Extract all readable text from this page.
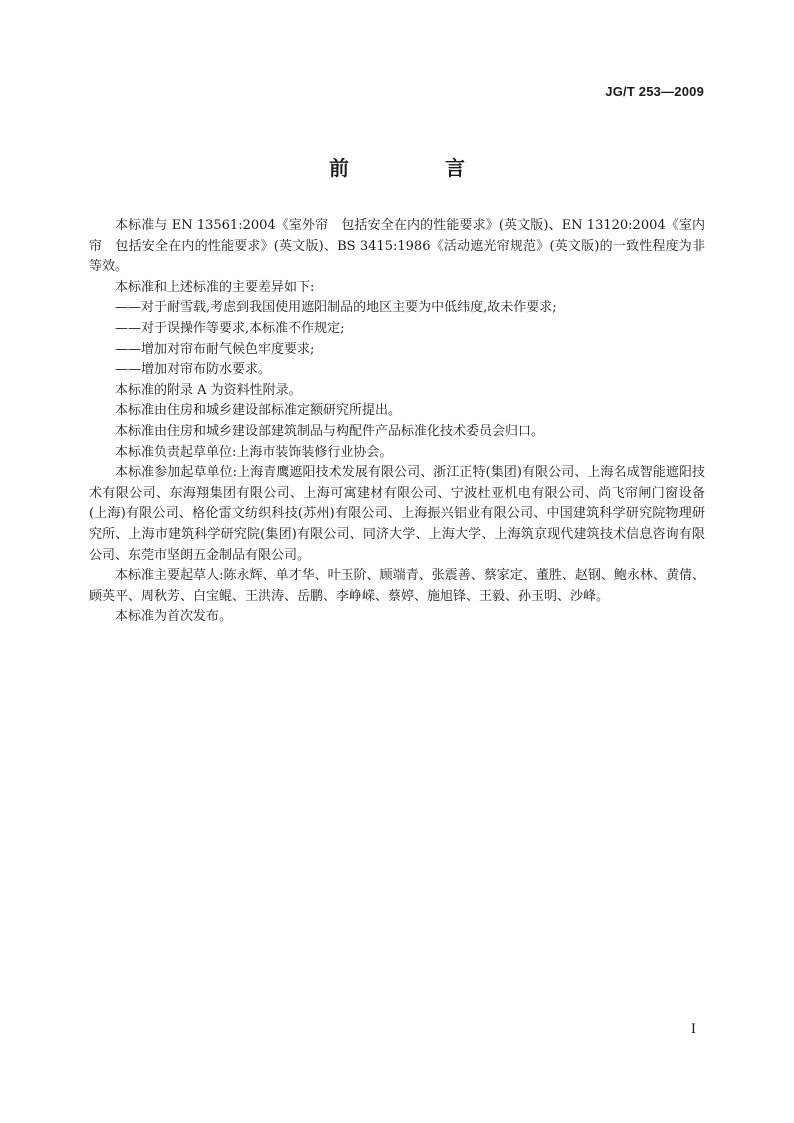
JG/T 253—2009
前　言

本标准与 EN 13561:2004《室外帘　包括安全在内的性能要求》(英文版)、EN 13120:2004《室内帘　包括安全在内的性能要求》(英文版)、BS 3415:1986《活动遮光帘规范》(英文版)的一致性程度为非等效。

本标准和上述标准的主要差异如下:

——对于耐雪载,考虑到我国使用遮阳制品的地区主要为中低纬度,故未作要求;

——对于误操作等要求,本标准不作规定;

——增加对帘布耐气候色牢度要求;

——增加对帘布防水要求。

本标准的附录 A 为资料性附录。

本标准由住房和城乡建设部标准定额研究所提出。

本标准由住房和城乡建设部建筑制品与构配件产品标准化技术委员会归口。

本标准负责起草单位:上海市装饰装修行业协会。

本标准参加起草单位:上海青鹰遮阳技术发展有限公司、浙江正特(集团)有限公司、上海名成智能遮阳技术有限公司、东海翔集团有限公司、上海可寓建材有限公司、宁波杜亚机电有限公司、尚飞帘闸门窗设备(上海)有限公司、格伦雷文纺织科技(苏州)有限公司、上海振兴铝业有限公司、中国建筑科学研究院物理研究所、上海市建筑科学研究院(集团)有限公司、同济大学、上海大学、上海筑京现代建筑技术信息咨询有限公司、东莞市坚朗五金制品有限公司。

本标准主要起草人:陈永辉、单才华、叶玉阶、顾端青、张震善、蔡家定、董胜、赵钢、鲍永林、黄倩、顾英平、周秋芳、白宝鲲、王洪涛、岳鹏、李峥嵘、蔡婷、施旭锋、王毅、孙玉明、沙峰。

本标准为首次发布。

I
